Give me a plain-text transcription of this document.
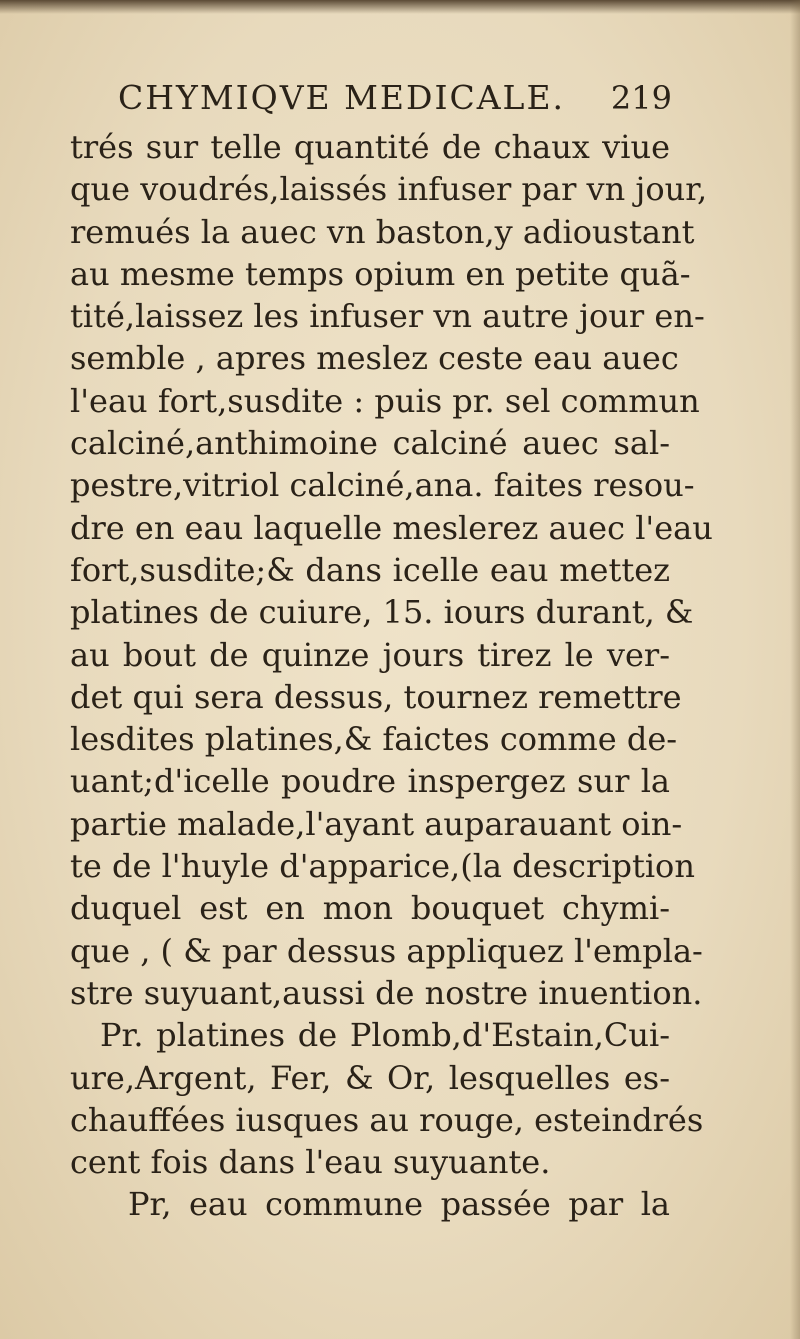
CHYMIQVE MEDICALE. 219
trés sur telle quantité de chaux viue
que voudrés,laissés infuser par vn jour,
remués la auec vn baston,y adioustant
au mesme temps opium en petite quã-
tité,laissez les infuser vn autre jour en-
semble , apres meslez ceste eau auec
l'eau fort,susdite : puis pr. sel commun
calciné,anthimoine calciné auec sal-
pestre,vitriol calciné,ana. faites resou-
dre en eau laquelle meslerez auec l'eau
fort,susdite;& dans icelle eau mettez
platines de cuiure, 15. iours durant, &
au bout de quinze jours tirez le ver-
det qui sera dessus, tournez remettre
lesdites platines,& faictes comme de-
uant;d'icelle poudre inspergez sur la
partie malade,l'ayant auparauant oin-
te de l'huyle d'apparice,(la description
duquel est en mon bouquet chymi-
que , ( & par dessus appliquez l'empla-
stre suyuant,aussi de nostre inuention.
Pr. platines de Plomb,d'Estain,Cui-
ure,Argent, Fer, & Or, lesquelles es-
chauffées iusques au rouge, esteindrés
cent fois dans l'eau suyuante.
Pr, eau commune passée par la
